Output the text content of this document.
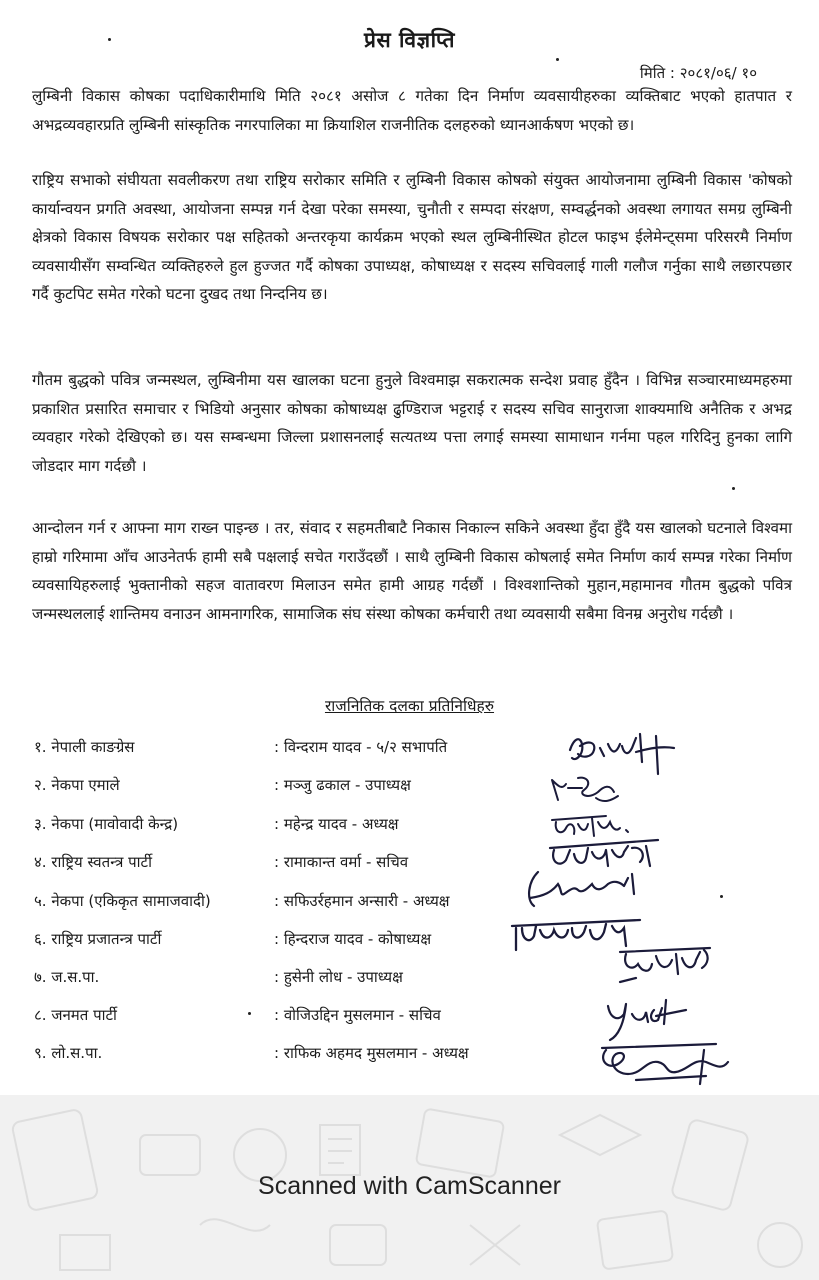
प्रेस विज्ञप्ति
मिति : २०८१/०६/ १०

लुम्बिनी विकास कोषका पदाधिकारीमाथि मिति २०८१ असोज ८ गतेका दिन निर्माण व्यवसायीहरुका व्यक्तिबाट भएको हातपात र अभद्रव्यवहारप्रति लुम्बिनी सांस्कृतिक नगरपालिका मा क्रियाशिल राजनीतिक दलहरुको ध्यानआर्कषण भएको छ।

राष्ट्रिय सभाको संघीयता सवलीकरण तथा राष्ट्रिय सरोकार समिति र लुम्बिनी विकास कोषको संयुक्त आयोजनामा लुम्बिनी विकास 'कोषको कार्यान्वयन प्रगति अवस्था, आयोजना सम्पन्न गर्न देखा परेका समस्या, चुनौती र सम्पदा संरक्षण, सम्वर्द्धनको अवस्था लगायत समग्र लुम्बिनी क्षेत्रको विकास विषयक सरोकार पक्ष सहितको अन्तरकृया कार्यक्रम भएको स्थल लुम्बिनीस्थित होटल फाइभ ईलेमेन्ट्समा परिसरमै निर्माण व्यवसायीसँग सम्वन्धित व्यक्तिहरुले हुल हुज्जत गर्दै कोषका उपाध्यक्ष, कोषाध्यक्ष र सदस्य सचिवलाई गाली गलौज गर्नुका साथै लछारपछार गर्दै कुटपिट समेत गरेको घटना दुखद तथा निन्दनिय छ।

गौतम बुद्धको पवित्र जन्मस्थल, लुम्बिनीमा यस खालका घटना हुनुले विश्वमाझ सकरात्मक सन्देश प्रवाह हुँदैन । विभिन्न सञ्चारमाध्यमहरुमा प्रकाशित प्रसारित समाचार र भिडियो अनुसार कोषका कोषाध्यक्ष ढुण्डिराज भट्टराई र सदस्य सचिव सानुराजा शाक्यमाथि अनैतिक र अभद्र व्यवहार गरेको देखिएको छ। यस सम्बन्धमा जिल्ला प्रशासनलाई सत्यतथ्य पत्ता लगाई समस्या सामाधान गर्नमा पहल गरिदिनु हुनका लागि जोडदार माग गर्दछौ ।

आन्दोलन गर्न र आफ्ना माग राख्न पाइन्छ । तर, संवाद र सहमतीबाटै निकास निकाल्न सकिने अवस्था हुँदा हुँदै यस खालको घटनाले विश्वमा हाम्रो गरिमामा आँच आउनेतर्फ हामी सबै पक्षलाई सचेत गराउँदछौं । साथै लुम्बिनी विकास कोषलाई समेत निर्माण कार्य सम्पन्न गरेका निर्माण व्यवसायिहरुलाई भुक्तानीको सहज वातावरण मिलाउन समेत हामी आग्रह गर्दछौं । विश्वशान्तिको मुहान,महामानव गौतम बुद्धको पवित्र जन्मस्थललाई शान्तिमय वनाउन आमनागरिक, सामाजिक संघ संस्था कोषका कर्मचारी तथा व्यवसायी सबैमा विनम्र अनुरोध गर्दछौ ।

राजनितिक दलका प्रतिनिधिहरु
१. नेपाली काङग्रेस	: विन्दराम यादव - ५/२ सभापति
२. नेकपा एमाले	: मञ्जु ढकाल - उपाध्यक्ष
३. नेकपा (मावोवादी केन्द्र)	: महेन्द्र यादव - अध्यक्ष
४. राष्ट्रिय स्वतन्त्र पार्टी	: रामाकान्त वर्मा - सचिव
५. नेकपा (एकिकृत सामाजवादी)	: सफिउर्रहमान अन्सारी - अध्यक्ष
६. राष्ट्रिय प्रजातन्त्र पार्टी	: हिन्दराज यादव - कोषाध्यक्ष
७. ज.स.पा.	: हुसेनी लोध - उपाध्यक्ष
८. जनमत पार्टी	: वोजिउद्दिन मुसलमान - सचिव
९. लो.स.पा.	: राफिक अहमद मुसलमान - अध्यक्ष
Scanned with CamScanner
